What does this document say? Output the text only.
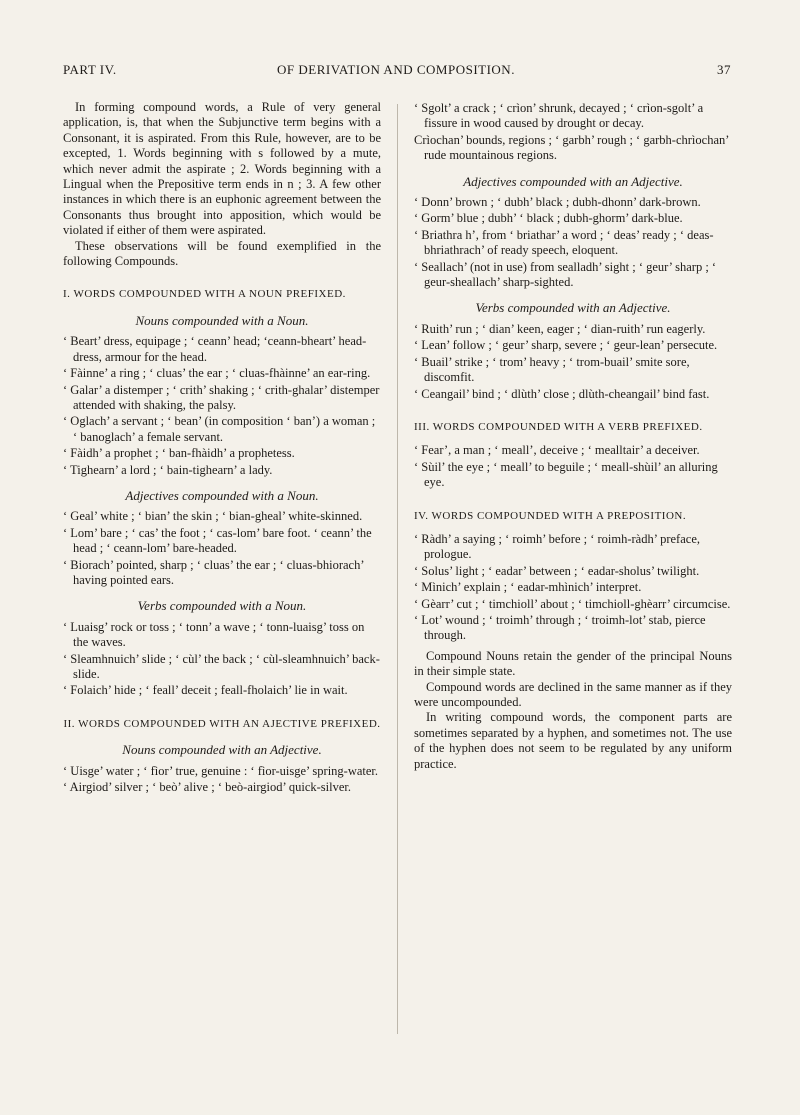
PART IV.	OF DERIVATION AND COMPOSITION.	37

In forming compound words, a Rule of very general application, is, that when the Subjunctive term begins with a Consonant, it is aspirated. From this Rule, however, are to be excepted, 1. Words beginning with s followed by a mute, which never admit the aspirate ; 2. Words beginning with a Lingual when the Prepositive term ends in n ; 3. A few other instances in which there is an euphonic agreement between the Consonants thus brought into apposition, which would be violated if either of them were aspirated.

These observations will be found exemplified in the following Compounds.

I. WORDS COMPOUNDED WITH A NOUN PREFIXED.
Nouns compounded with a Noun.

‘ Beart’ dress, equipage ; ‘ ceann’ head; ‘ceann-bheart’ head-dress, armour for the head.

‘ Fàinne’ a ring ; ‘ cluas’ the ear ; ‘ cluas-fhàinne’ an ear-ring.

‘ Galar’ a distemper ; ‘ crith’ shaking ; ‘ crith-ghalar’ distemper attended with shaking, the palsy.

‘ Oglach’ a servant ; ‘ bean’ (in composition ‘ ban’) a woman ; ‘ banoglach’ a female servant.

‘ Fàidh’ a prophet ; ‘ ban-fhàidh’ a prophetess.

‘ Tighearn’ a lord ; ‘ bain-tighearn’ a lady.

Adjectives compounded with a Noun.

‘ Geal’ white ; ‘ bian’ the skin ; ‘ bian-gheal’ white-skinned.

‘ Lom’ bare ; ‘ cas’ the foot ; ‘ cas-lom’ bare foot. ‘ ceann’ the head ; ‘ ceann-lom’ bare-headed.

‘ Biorach’ pointed, sharp ; ‘ cluas’ the ear ; ‘ cluas-bhiorach’ having pointed ears.

Verbs compounded with a Noun.

‘ Luaisg’ rock or toss ; ‘ tonn’ a wave ; ‘ tonn-luaisg’ toss on the waves.

‘ Sleamhnuich’ slide ; ‘ cùl’ the back ; ‘ cùl-sleamhnuich’ back-slide.

‘ Folaich’ hide ; ‘ feall’ deceit ; feall-fholaich’ lie in wait.

II. WORDS COMPOUNDED WITH AN AJECTIVE PREFIXED.
Nouns compounded with an Adjective.

‘ Uisge’ water ; ‘ fìor’ true, genuine : ‘ fìor-uisge’ spring-water.

‘ Airgiod’ silver ; ‘ beò’ alive ; ‘ beò-airgiod’ quick-silver.

‘ Sgolt’ a crack ; ‘ crìon’ shrunk, decayed ; ‘ crìon-sgolt’ a fissure in wood caused by drought or decay.

Crìochan’ bounds, regions ; ‘ garbh’ rough ; ‘ garbh-chrìochan’ rude mountainous regions.

Adjectives compounded with an Adjective.

‘ Donn’ brown ; ‘ dubh’ black ; dubh-dhonn’ dark-brown.

‘ Gorm’ blue ; dubh’ ‘ black ; dubh-ghorm’ dark-blue.

‘ Briathra h’, from ‘ briathar’ a word ; ‘ deas’ ready ; ‘ deas-bhriathrach’ of ready speech, eloquent.

‘ Seallach’ (not in use) from sealladh’ sight ; ‘ geur’ sharp ; ‘ geur-sheallach’ sharp-sighted.

Verbs compounded with an Adjective.

‘ Ruith’ run ; ‘ dian’ keen, eager ; ‘ dian-ruith’ run eagerly.

‘ Lean’ follow ; ‘ geur’ sharp, severe ; ‘ geur-lean’ persecute.

‘ Buail’ strike ; ‘ trom’ heavy ; ‘ trom-buail’ smite sore, discomfit.

‘ Ceangail’ bind ; ‘ dlùth’ close ; dlùth-cheangail’ bind fast.

III. WORDS COMPOUNDED WITH A VERB PREFIXED.

‘ Fear’, a man ; ‘ meall’, deceive ; ‘ mealltair’ a deceiver.

‘ Sùil’ the eye ; ‘ meall’ to beguile ; ‘ meall-shùil’ an alluring eye.

IV. WORDS COMPOUNDED WITH A PREPOSITION.

‘ Ràdh’ a saying ; ‘ roimh’ before ; ‘ roimh-ràdh’ preface, prologue.

‘ Solus’ light ; ‘ eadar’ between ; ‘ eadar-sholus’ twilight.

‘ Mìnich’ explain ; ‘ eadar-mhìnich’ interpret.

‘ Gèarr’ cut ; ‘ timchioll’ about ; ‘ timchioll-ghèarr’ circumcise.

‘ Lot’ wound ; ‘ troimh’ through ; ‘ troimh-lot’ stab, pierce through.

Compound Nouns retain the gender of the principal Nouns in their simple state.

Compound words are declined in the same manner as if they were uncompounded.

In writing compound words, the component parts are sometimes separated by a hyphen, and sometimes not. The use of the hyphen does not seem to be regulated by any uniform practice.
